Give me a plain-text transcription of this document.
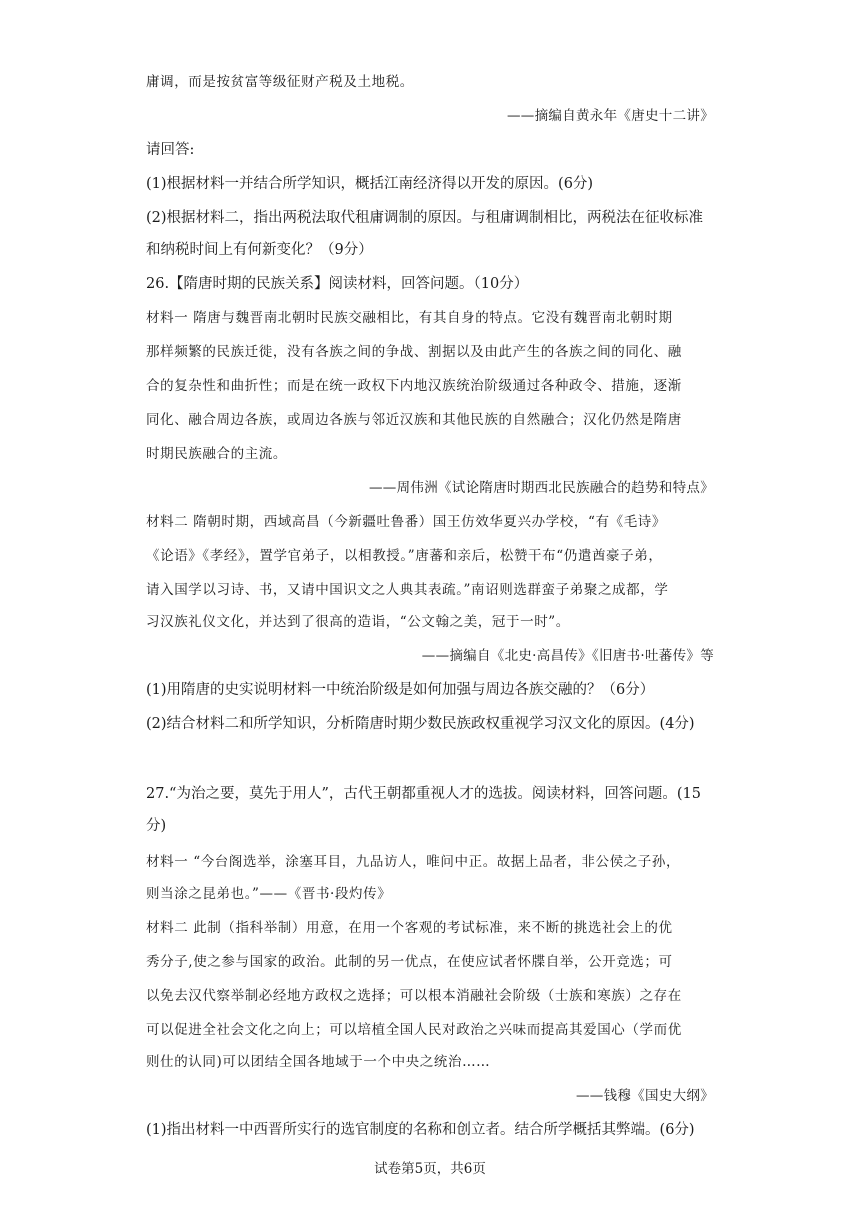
庸调，而是按贫富等级征财产税及土地税。
——摘编自黄永年《唐史十二讲》
请回答:
(1)根据材料一并结合所学知识，概括江南经济得以开发的原因。(6分)
(2)根据材料二，指出两税法取代租庸调制的原因。与租庸调制相比，两税法在征收标准
和纳税时间上有何新变化？（9分）
26.【隋唐时期的民族关系】阅读材料，回答问题。（10分）
材料一 隋唐与魏晋南北朝时民族交融相比，有其自身的特点。它没有魏晋南北朝时期
那样频繁的民族迁徙，没有各族之间的争战、割据以及由此产生的各族之间的同化、融
合的复杂性和曲折性；而是在统一政权下内地汉族统治阶级通过各种政令、措施，逐渐
同化、融合周边各族，或周边各族与邻近汉族和其他民族的自然融合；汉化仍然是隋唐
时期民族融合的主流。
——周伟洲《试论隋唐时期西北民族融合的趋势和特点》
材料二 隋朝时期，西域高昌（今新疆吐鲁番）国王仿效华夏兴办学校，“有《毛诗》
《论语》《孝经》，置学官弟子，以相教授。”唐蕃和亲后，松赞干布“仍遣酋豪子弟，
请入国学以习诗、书，又请中国识文之人典其表疏。”南诏则选群蛮子弟聚之成都，学
习汉族礼仪文化，并达到了很高的造诣，“公文翰之美，冠于一时”。
——摘编自《北史·高昌传》《旧唐书·吐蕃传》等
(1)用隋唐的史实说明材料一中统治阶级是如何加强与周边各族交融的？（6分）
(2)结合材料二和所学知识，分析隋唐时期少数民族政权重视学习汉文化的原因。(4分)
27.“为治之要，莫先于用人”，古代王朝都重视人才的选拔。阅读材料，回答问题。(15
分)
材料一 “今台阁选举，涂塞耳目，九品访人，唯问中正。故据上品者，非公侯之子孙，
则当涂之昆弟也。”——《晋书·段灼传》
材料二 此制（指科举制）用意，在用一个客观的考试标准，来不断的挑选社会上的优
秀分子,使之参与国家的政治。此制的另一优点，在使应试者怀牒自举，公开竞选；可
以免去汉代察举制必经地方政权之选择；可以根本消融社会阶级（士族和寒族）之存在
可以促进全社会文化之向上；可以培植全国人民对政治之兴味而提高其爱国心（学而优
则仕的认同)可以团结全国各地域于一个中央之统治……
——钱穆《国史大纲》
(1)指出材料一中西晋所实行的选官制度的名称和创立者。结合所学概括其弊端。(6分)
试卷第5页，共6页
